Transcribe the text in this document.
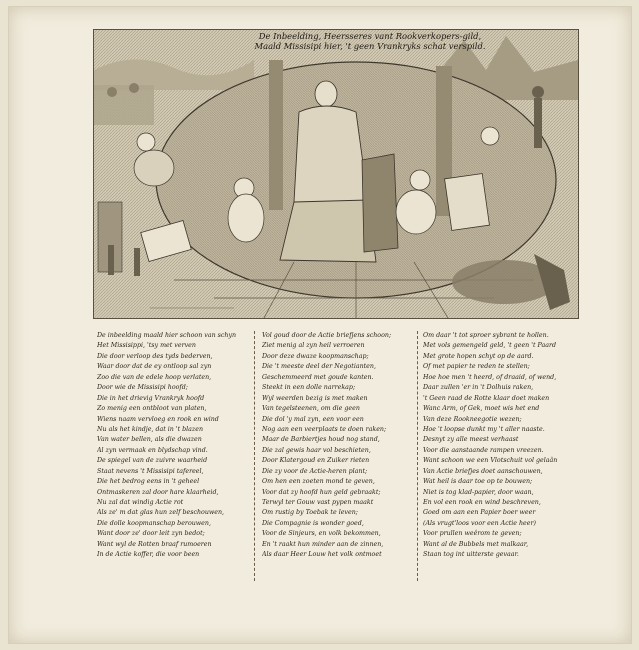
De Inbeelding, Heersseres vant Rookverkopers-gild,
Maald Missisipi hier, 't geen Vrankryks schat verspild.
De inbeelding maald hier schoon van schyn
Het Missisippi, 'tsy met verven
Die door verloop des tyds bederven,
Waar door dat de ey ontloop sal zyn
Zoo die van de edele hoop verlaten,
Door wie de Missisipi hoofd;
Die in het drievig Vrankryk hoofd
Zo menig een ontbloot van platen,
Wiens naam vervloeg en rook en wind
Nu als het kindje, dat in 't blazen
Van water bellen, als die dwazen
Al zyn vermaak en blydschap vind.
De spiegel van de zuivre waarheid
Staat nevens 't Missisipi tafereel,
Die het bedrog eens in 't geheel
Ontmaskeren zal door hare klaarheid,
Nu zal dat windig Actie rot
Als ze' m dat glas hun zelf beschouwen,
Die dolle koopmanschap berouwen,
Want door ze' door leit zyn bedot;
Want wyl de Rotten braaf rumoeren
In de Actie koffer, die voor been
Vol goud door de Actie briefjens schoon;
Ziet menig al zyn heil verroeren
Door deze dwaze koopmanschap;
Die 't meeste deel der Negotianten,
Geschemmeerd met goude kanten.
Steekt in een dolle narrekap;
Wyl weerden bezig is met maken
Van tegelsteenen, om die geen
Die dol 'y mal zyn, een voor een
Nog aan een veerplaats te doen raken;
Maar de Barbiertjes houd nog stand,
Die zal gewis haar vol beschieten,
Door Klatergoud en Zuiker rieten
Die zy voor de Actie-heren plant;
Om hen een zoeten mond te geven,
Voor dat zy hoofd hun geld gebraakt;
Terwyl ter Gouw vast pypen maakt
Om rustig by Toebak te leven;
Die Compagnie is wonder goed,
Voor de Sinjeurs, en volk bekommen,
En 't raakt hun minder aan de zinnen,
Als daar Heer Louw het volk ontmoet
Om daar 't tot sproer sybrant te hollen.
Met vols gemengeld geld, 't geen 't Paard
Met grote hopen schyt op de aard.
Of met papier te reden te stellen;
Hoe hoe men 't heerd, of draaid, of wend,
Daar zullen 'er in 't Dolhuis raken,
't Geen raad de Rotte klaar doet maken
Wanc Arm, of Gek, moet wis het end
Van deze Rookneegotie wezen;
Hoe 't loopse dunkt my 't aller naaste.
Desnyt zy alle meest verhaast
Voor die aanstaande rampen vreezen.
Want schoon we een Vlotschuit vol gelaân
Van Actie briefjes doet aanschouwen,
Wat heil is daar toe op te bouwen;
Niet is tog klad-papier, door waan,
En vol een rook en wind beschreven,
Goed om aan een Papier boer weer
(Als vrugt'loos voor een Actie heer)
Voor prullen weêrom te geven;
Want al de Bubbels met malkaar,
Staan tog int uitterste gevaar.
